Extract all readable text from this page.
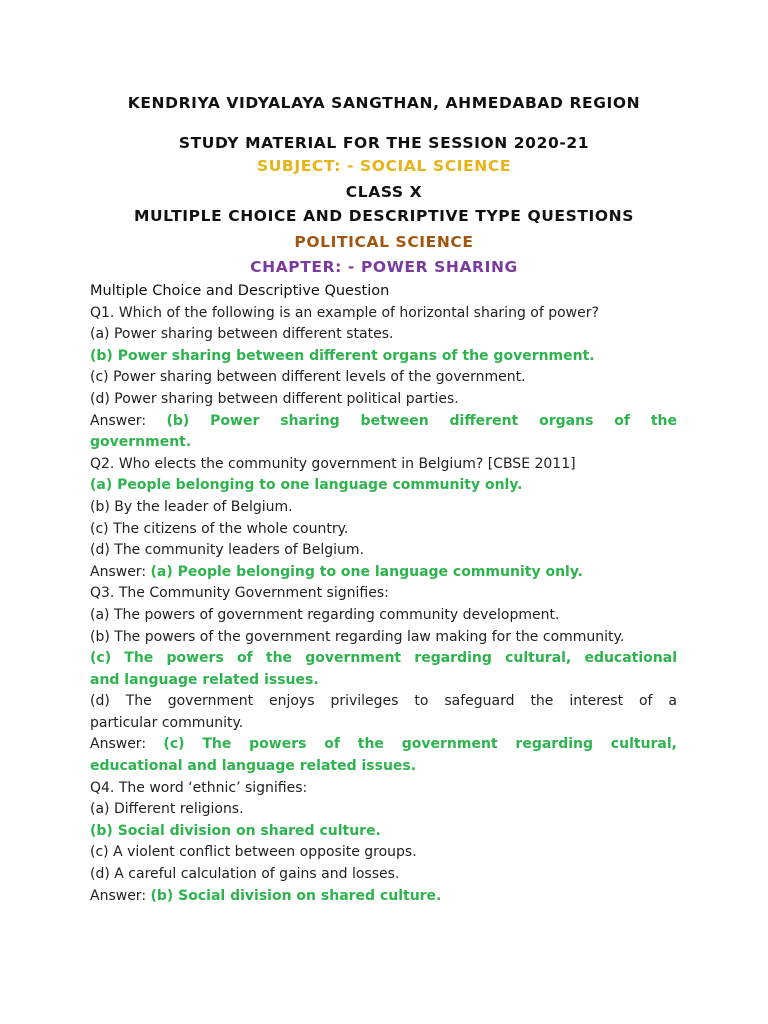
KENDRIYA VIDYALAYA SANGTHAN, AHMEDABAD REGION
STUDY MATERIAL FOR THE SESSION 2020-21
SUBJECT: - SOCIAL SCIENCE
CLASS X
MULTIPLE CHOICE AND DESCRIPTIVE TYPE QUESTIONS
POLITICAL SCIENCE
CHAPTER: - POWER SHARING
Multiple Choice and Descriptive Question
Q1. Which of the following is an example of horizontal sharing of power?
(a) Power sharing between different states.
(b) Power sharing between different organs of the government.
(c) Power sharing between different levels of the government.
(d) Power sharing between different political parties.
Answer: (b) Power sharing between different organs of the
government.
Q2. Who elects the community government in Belgium? [CBSE 2011]
(a) People belonging to one language community only.
(b) By the leader of Belgium.
(c) The citizens of the whole country.
(d) The community leaders of Belgium.
Answer: (a) People belonging to one language community only.
Q3. The Community Government signifies:
(a) The powers of government regarding community development.
(b) The powers of the government regarding law making for the community.
(c) The powers of the government regarding cultural, educational
and language related issues.
(d) The government enjoys privileges to safeguard the interest of a
particular community.
Answer: (c) The powers of the government regarding cultural,
educational and language related issues.
Q4. The word ‘ethnic’ signifies:
(a) Different religions.
(b) Social division on shared culture.
(c) A violent conflict between opposite groups.
(d) A careful calculation of gains and losses.
Answer: (b) Social division on shared culture.
